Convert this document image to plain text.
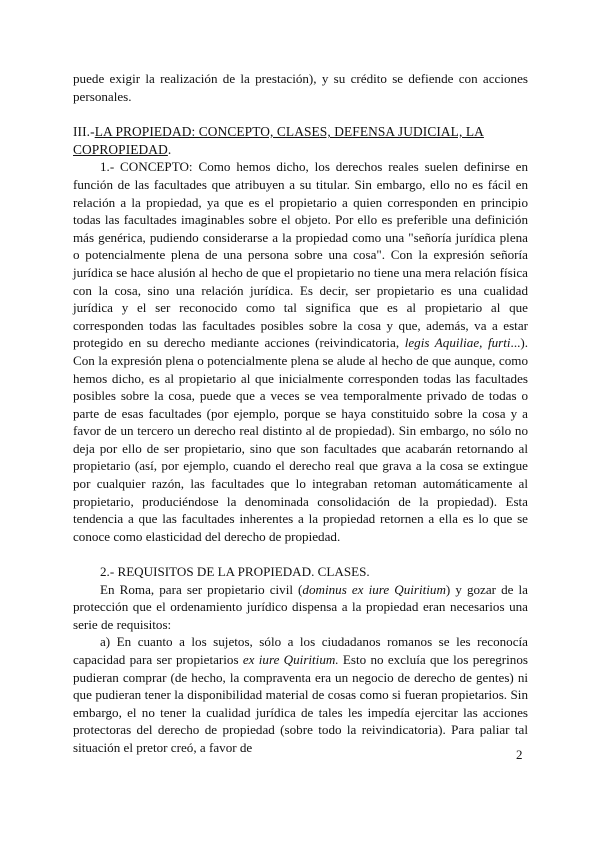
puede exigir la realización de la prestación), y su crédito se defiende con acciones personales.

III.-LA PROPIEDAD: CONCEPTO, CLASES, DEFENSA JUDICIAL, LA COPROPIEDAD.

1.- CONCEPTO: Como hemos dicho, los derechos reales suelen definirse en función de las facultades que atribuyen a su titular. Sin embargo, ello no es fácil en relación a la propiedad, ya que es el propietario a quien corresponden en principio todas las facultades imaginables sobre el objeto. Por ello es preferible una definición más genérica, pudiendo considerarse a la propiedad como una "señoría jurídica plena o potencialmente plena de una persona sobre una cosa". Con la expresión señoría jurídica se hace alusión al hecho de que el propietario no tiene una mera relación física con la cosa, sino una relación jurídica. Es decir, ser propietario es una cualidad jurídica y el ser reconocido como tal significa que es al propietario al que corresponden todas las facultades posibles sobre la cosa y que, además, va a estar protegido en su derecho mediante acciones (reivindicatoria, legis Aquiliae, furti...). Con la expresión plena o potencialmente plena se alude al hecho de que aunque, como hemos dicho, es al propietario al que inicialmente corresponden todas las facultades posibles sobre la cosa, puede que a veces se vea temporalmente privado de todas o parte de esas facultades (por ejemplo, porque se haya constituido sobre la cosa y a favor de un tercero un derecho real distinto al de propiedad). Sin embargo, no sólo no deja por ello de ser propietario, sino que son facultades que acabarán retornando al propietario (así, por ejemplo, cuando el derecho real que grava a la cosa se extingue por cualquier razón, las facultades que lo integraban retoman automáticamente al propietario, produciéndose la denominada consolidación de la propiedad). Esta tendencia a que las facultades inherentes a la propiedad retornen a ella es lo que se conoce como elasticidad del derecho de propiedad.

2.- REQUISITOS DE LA PROPIEDAD. CLASES.

En Roma, para ser propietario civil (dominus ex iure Quiritium) y gozar de la protección que el ordenamiento jurídico dispensa a la propiedad eran necesarios una serie de requisitos:

a) En cuanto a los sujetos, sólo a los ciudadanos romanos se les reconocía capacidad para ser propietarios ex iure Quiritium. Esto no excluía que los peregrinos pudieran comprar (de hecho, la compraventa era un negocio de derecho de gentes) ni que pudieran tener la disponibilidad material de cosas como si fueran propietarios. Sin embargo, el no tener la cualidad jurídica de tales les impedía ejercitar las acciones protectoras del derecho de propiedad (sobre todo la reivindicatoria). Para paliar tal situación el pretor creó, a favor de	2
